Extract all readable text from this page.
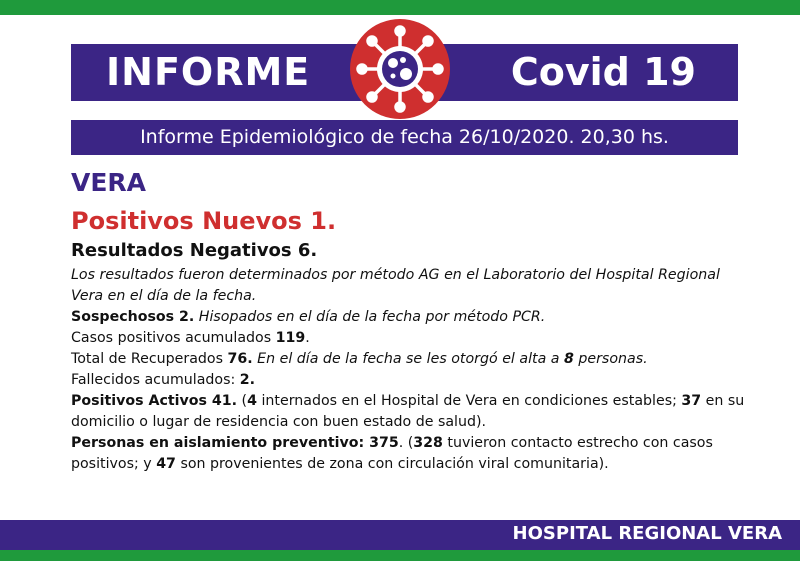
INFORME	Covid 19
Informe Epidemiológico de fecha 26/10/2020. 20,30 hs.
VERA
Positivos Nuevos 1.
Resultados Negativos 6.
Los resultados fueron determinados por método AG en el Laboratorio del Hospital Regional Vera en el día de la fecha.
Sospechosos 2. Hisopados en el día de la fecha por método PCR.
Casos positivos acumulados 119.
Total de Recuperados 76. En el día de la fecha se les otorgó el alta a 8 personas.
Fallecidos acumulados: 2.
Positivos Activos 41. (4 internados en el Hospital de Vera en condiciones estables; 37 en su domicilio o lugar de residencia con buen estado de salud).
Personas en aislamiento preventivo: 375. (328 tuvieron contacto estrecho con casos positivos; y 47 son provenientes de zona con circulación viral comunitaria).
HOSPITAL REGIONAL VERA
